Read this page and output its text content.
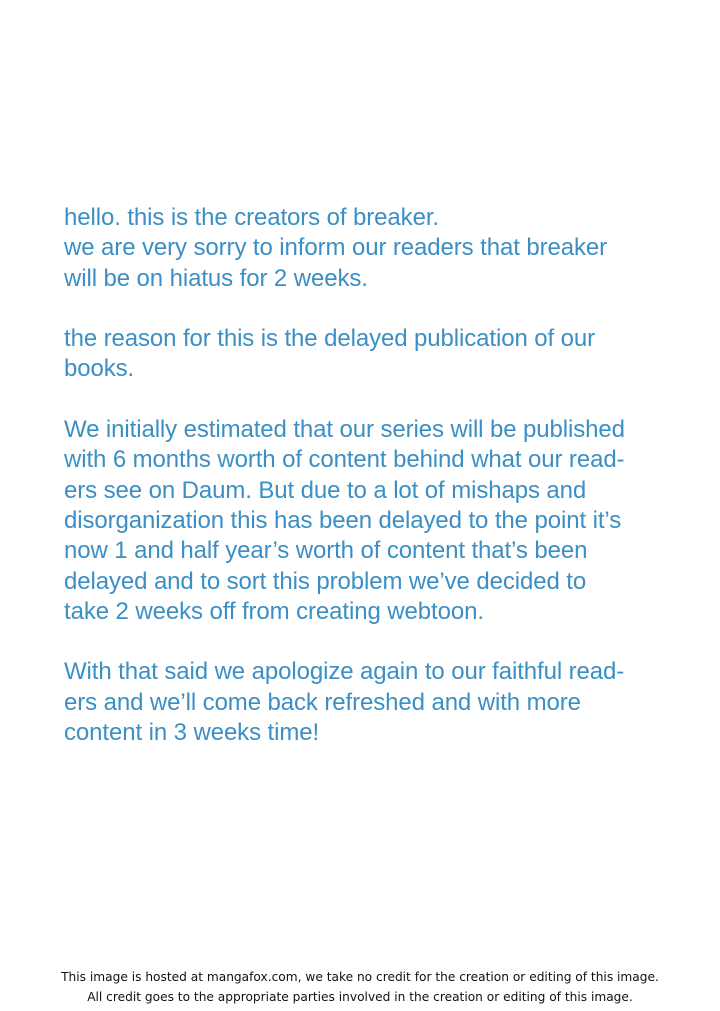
hello. this is the creators of breaker.
we are very sorry to inform our readers that breaker
will be on hiatus for 2 weeks.
the reason for this is the delayed publication of our
books.
We initially estimated that our series will be published
with 6 months worth of content behind what our read-
ers see on Daum. But due to a lot of mishaps and
disorganization this has been delayed to the point it’s
now 1 and half year’s worth of content that’s been
delayed and to sort this problem we’ve decided to
take 2 weeks off from creating webtoon.
With that said we apologize again to our faithful read-
ers and we’ll come back refreshed and with more
content in 3 weeks time!
This image is hosted at mangafox.com, we take no credit for the creation or editing of this image.
All credit goes to the appropriate parties involved in the creation or editing of this image.
